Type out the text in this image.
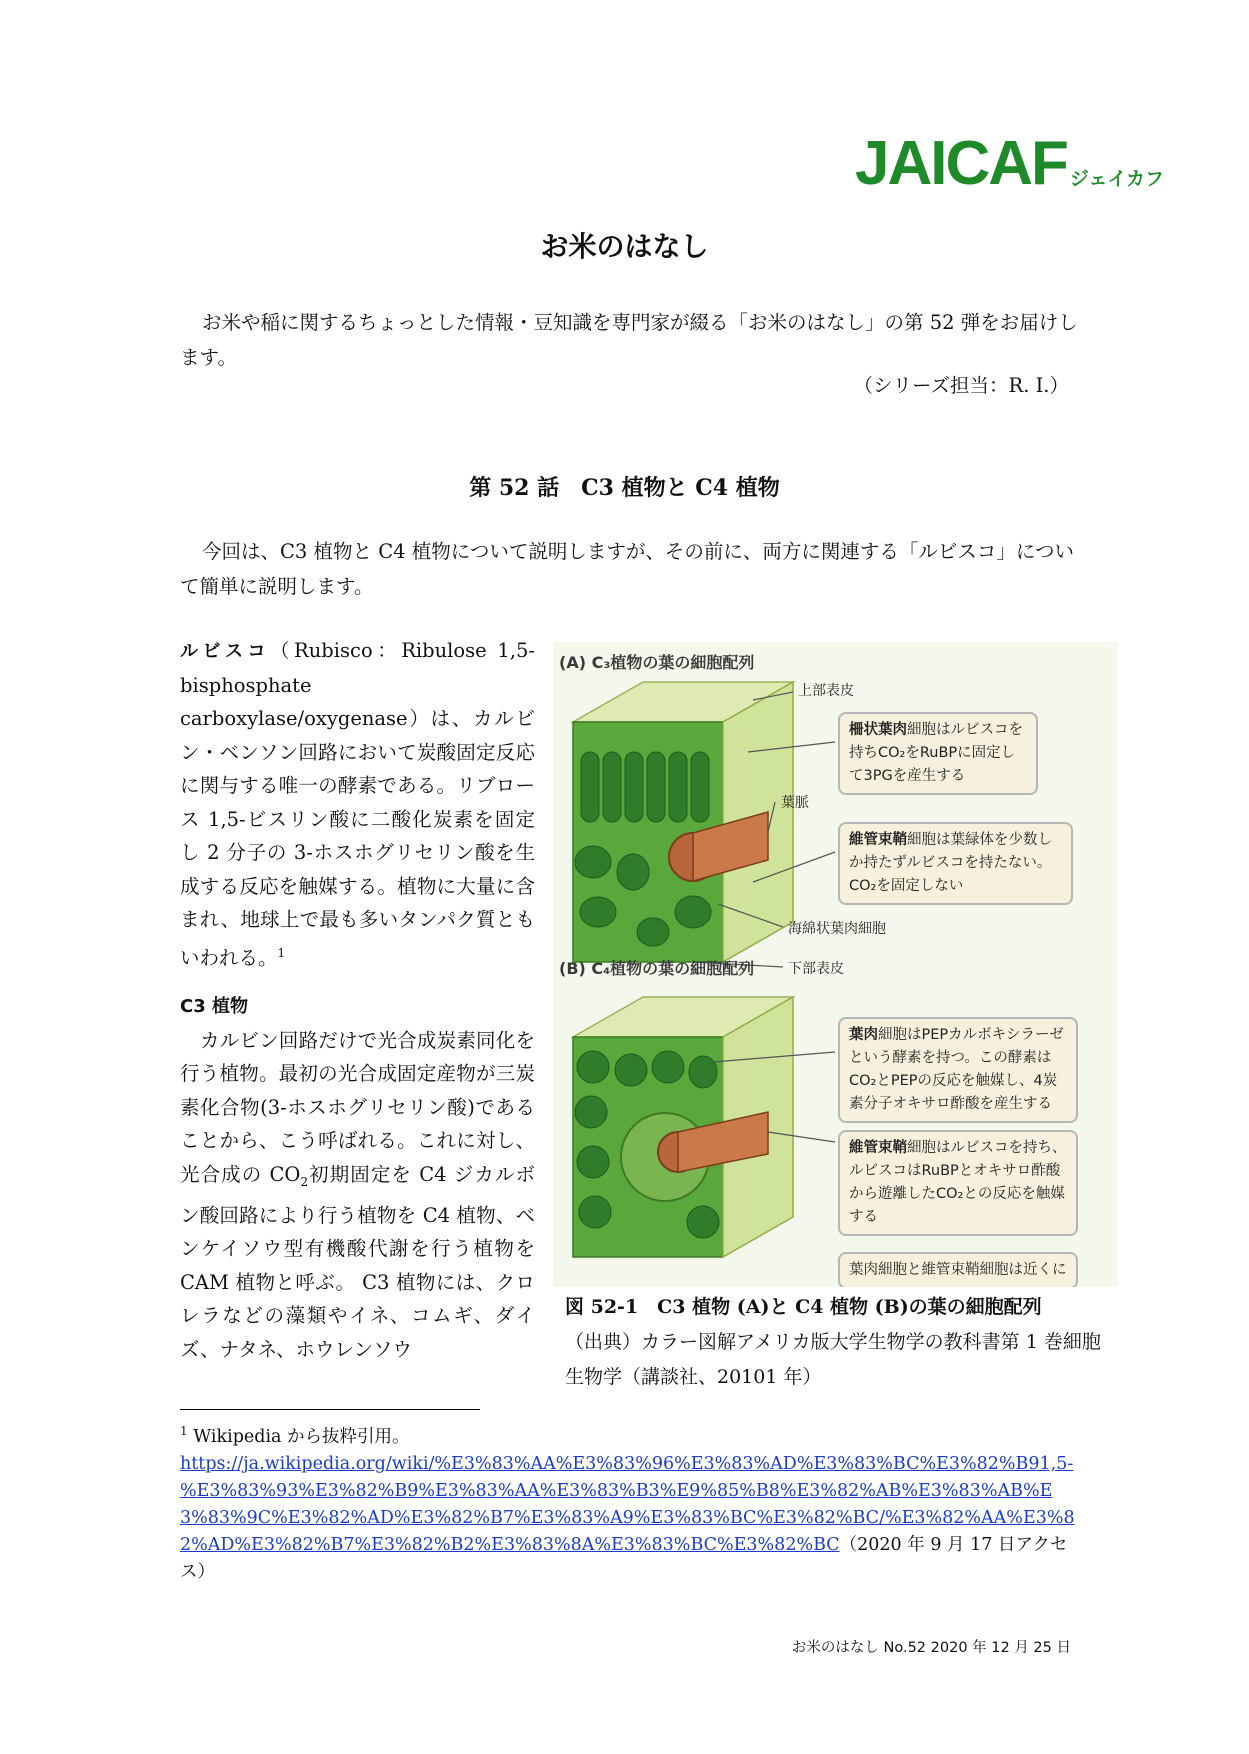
JAICAF ジェイカフ
お米のはなし

お米や稲に関するちょっとした情報・豆知識を専門家が綴る「お米のはなし」の第 52 弾をお届けします。

（シリーズ担当：R. I.）
第 52 話　C3 植物と C4 植物

今回は、C3 植物と C4 植物について説明しますが、その前に、両方に関連する「ルビスコ」について簡単に説明します。

ルビスコ（Rubisco：Ribulose 1,5-bisphosphate carboxylase/oxygenase）は、カルビン・ベンソン回路において炭酸固定反応に関与する唯一の酵素である。リブロース 1,5-ビスリン酸に二酸化炭素を固定し 2 分子の 3-ホスホグリセリン酸を生成する反応を触媒する。植物に大量に含まれ、地球上で最も多いタンパク質ともいわれる。$^1$
C3 植物
カルビン回路だけで光合成炭素同化を行う植物。最初の光合成固定産物が三炭素化合物(3-ホスホグリセリン酸)であることから、こう呼ばれる。これに対し、光合成の $CO_2$初期固定を C4 ジカルボン酸回路により行う植物を C4 植物、ベンケイソウ型有機酸代謝を行う植物を CAM 植物と呼ぶ。 C3 植物には、クロレラなどの藻類やイネ、コムギ、ダイズ、ナタネ、ホウレンソウ
(A) C₃植物の葉の細胞配列
(B) C₄植物の葉の細胞配列
上部表皮
葉脈
海綿状葉肉細胞
下部表皮
柵状葉肉細胞はルビスコを持ちCO₂をRuBPに固定して3PGを産生する
維管束鞘細胞は葉緑体を少数しか持たずルビスコを持たない。CO₂を固定しない
葉肉細胞はPEPカルボキシラーゼという酵素を持つ。この酵素はCO₂とPEPの反応を触媒し、4炭素分子オキサロ酢酸を産生する
維管束鞘細胞はルビスコを持ち、ルビスコはRuBPとオキサロ酢酸から遊離したCO₂との反応を触媒する
葉肉細胞と維管束鞘細胞は近くに
図 52-1　C3 植物 (A)と C4 植物 (B)の葉の細胞配列
（出典）カラー図解アメリカ版大学生物学の教科書第 1 巻細胞生物学（講談社、20101 年）
$^1$ Wikipedia から抜粋引用。
https://ja.wikipedia.org/wiki/%E3%83%AA%E3%83%96%E3%83%AD%E3%83%BC%E3%82%B91,5-%E3%83%93%E3%82%B9%E3%83%AA%E3%83%B3%E9%85%B8%E3%82%AB%E3%83%AB%E3%83%9C%E3%82%AD%E3%82%B7%E3%83%A9%E3%83%BC%E3%82%BC/%E3%82%AA%E3%82%AD%E3%82%B7%E3%82%B2%E3%83%8A%E3%83%BC%E3%82%BC（2020 年 9 月 17 日アクセス）
お米のはなし No.52 2020 年 12 月 25 日
